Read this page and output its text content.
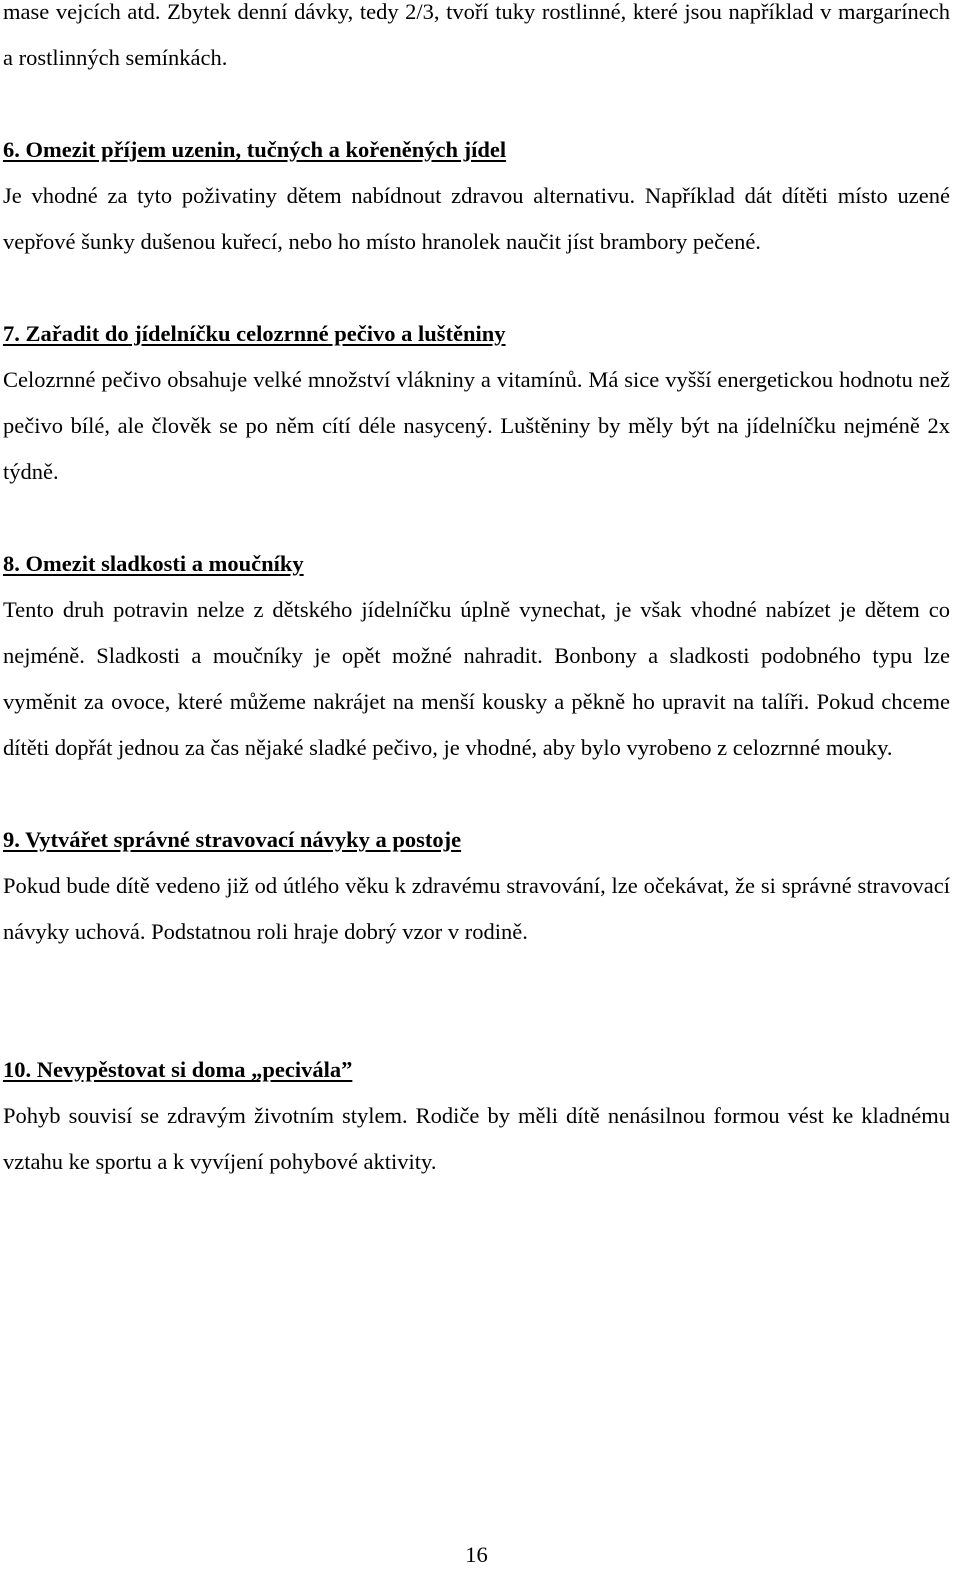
mase vejcích atd. Zbytek denní dávky, tedy 2/3, tvoří tuky rostlinné, které jsou například v margarínech a rostlinných semínkách.

6. Omezit příjem uzenin, tučných a kořeněných jídel

Je vhodné za tyto poživatiny dětem nabídnout zdravou alternativu. Například dát dítěti místo uzené vepřové šunky dušenou kuřecí, nebo ho místo hranolek naučit jíst brambory pečené.

7. Zařadit do jídelníčku celozrnné pečivo a luštěniny

Celozrnné pečivo obsahuje velké množství vlákniny a vitamínů. Má sice vyšší energetickou hodnotu než pečivo bílé, ale člověk se po něm cítí déle nasycený. Luštěniny by měly být na jídelníčku nejméně 2x týdně.

8. Omezit sladkosti a moučníky

Tento druh potravin nelze z dětského jídelníčku úplně vynechat, je však vhodné nabízet je dětem co nejméně. Sladkosti a moučníky je opět možné nahradit. Bonbony a sladkosti podobného typu lze vyměnit za ovoce, které můžeme nakrájet na menší kousky a pěkně ho upravit na talíři. Pokud chceme dítěti dopřát jednou za čas nějaké sladké pečivo, je vhodné, aby bylo vyrobeno z celozrnné mouky.

9. Vytvářet správné stravovací návyky a postoje

Pokud bude dítě vedeno již od útlého věku k zdravému stravování, lze očekávat, že si správné stravovací návyky uchová. Podstatnou roli hraje dobrý vzor v rodině.

10. Nevypěstovat si doma „peciválaˮ

Pohyb souvisí se zdravým životním stylem. Rodiče by měli dítě nenásilnou formou vést ke kladnému vztahu ke sportu a k vyvíjení pohybové aktivity.

16
